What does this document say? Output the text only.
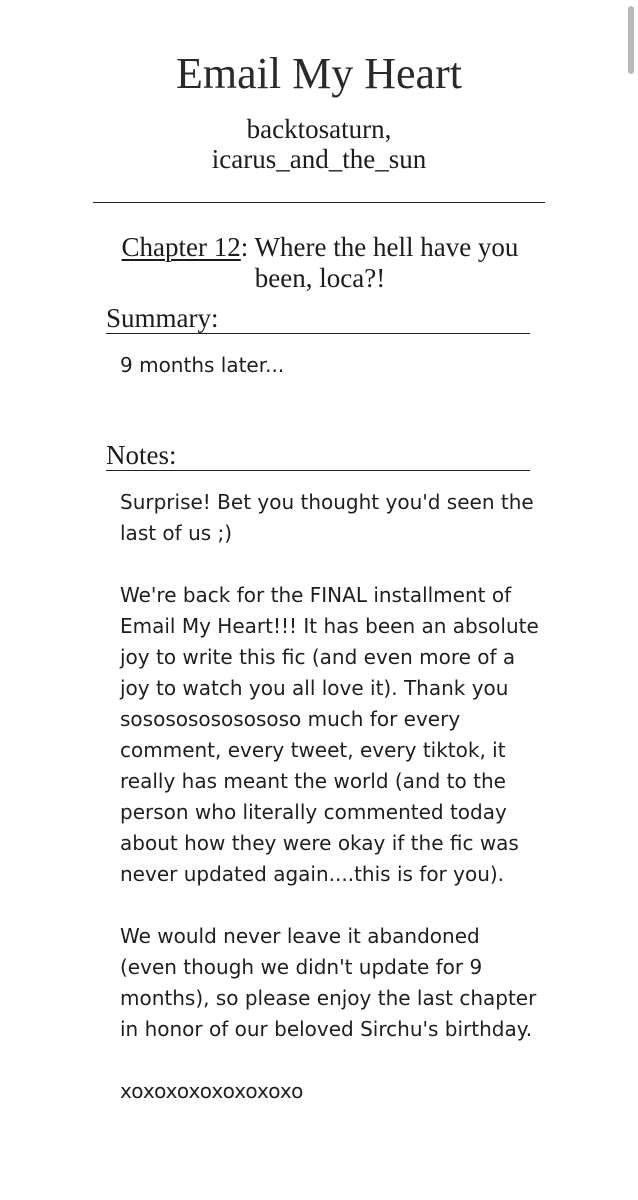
Email My Heart
backtosaturn,
icarus_and_the_sun
Chapter 12: Where the hell have you been, loca?!
Summary:
9 months later...
Notes:

Surprise! Bet you thought you'd seen the last of us ;)

We're back for the FINAL installment of Email My Heart!!! It has been an absolute joy to write this fic (and even more of a joy to watch you all love it). Thank you sosososososososo much for every comment, every tweet, every tiktok, it really has meant the world (and to the person who literally commented today about how they were okay if the fic was never updated again....this is for you).

We would never leave it abandoned (even though we didn't update for 9 months), so please enjoy the last chapter in honor of our beloved Sirchu's birthday.

xoxoxoxoxoxoxoxo
